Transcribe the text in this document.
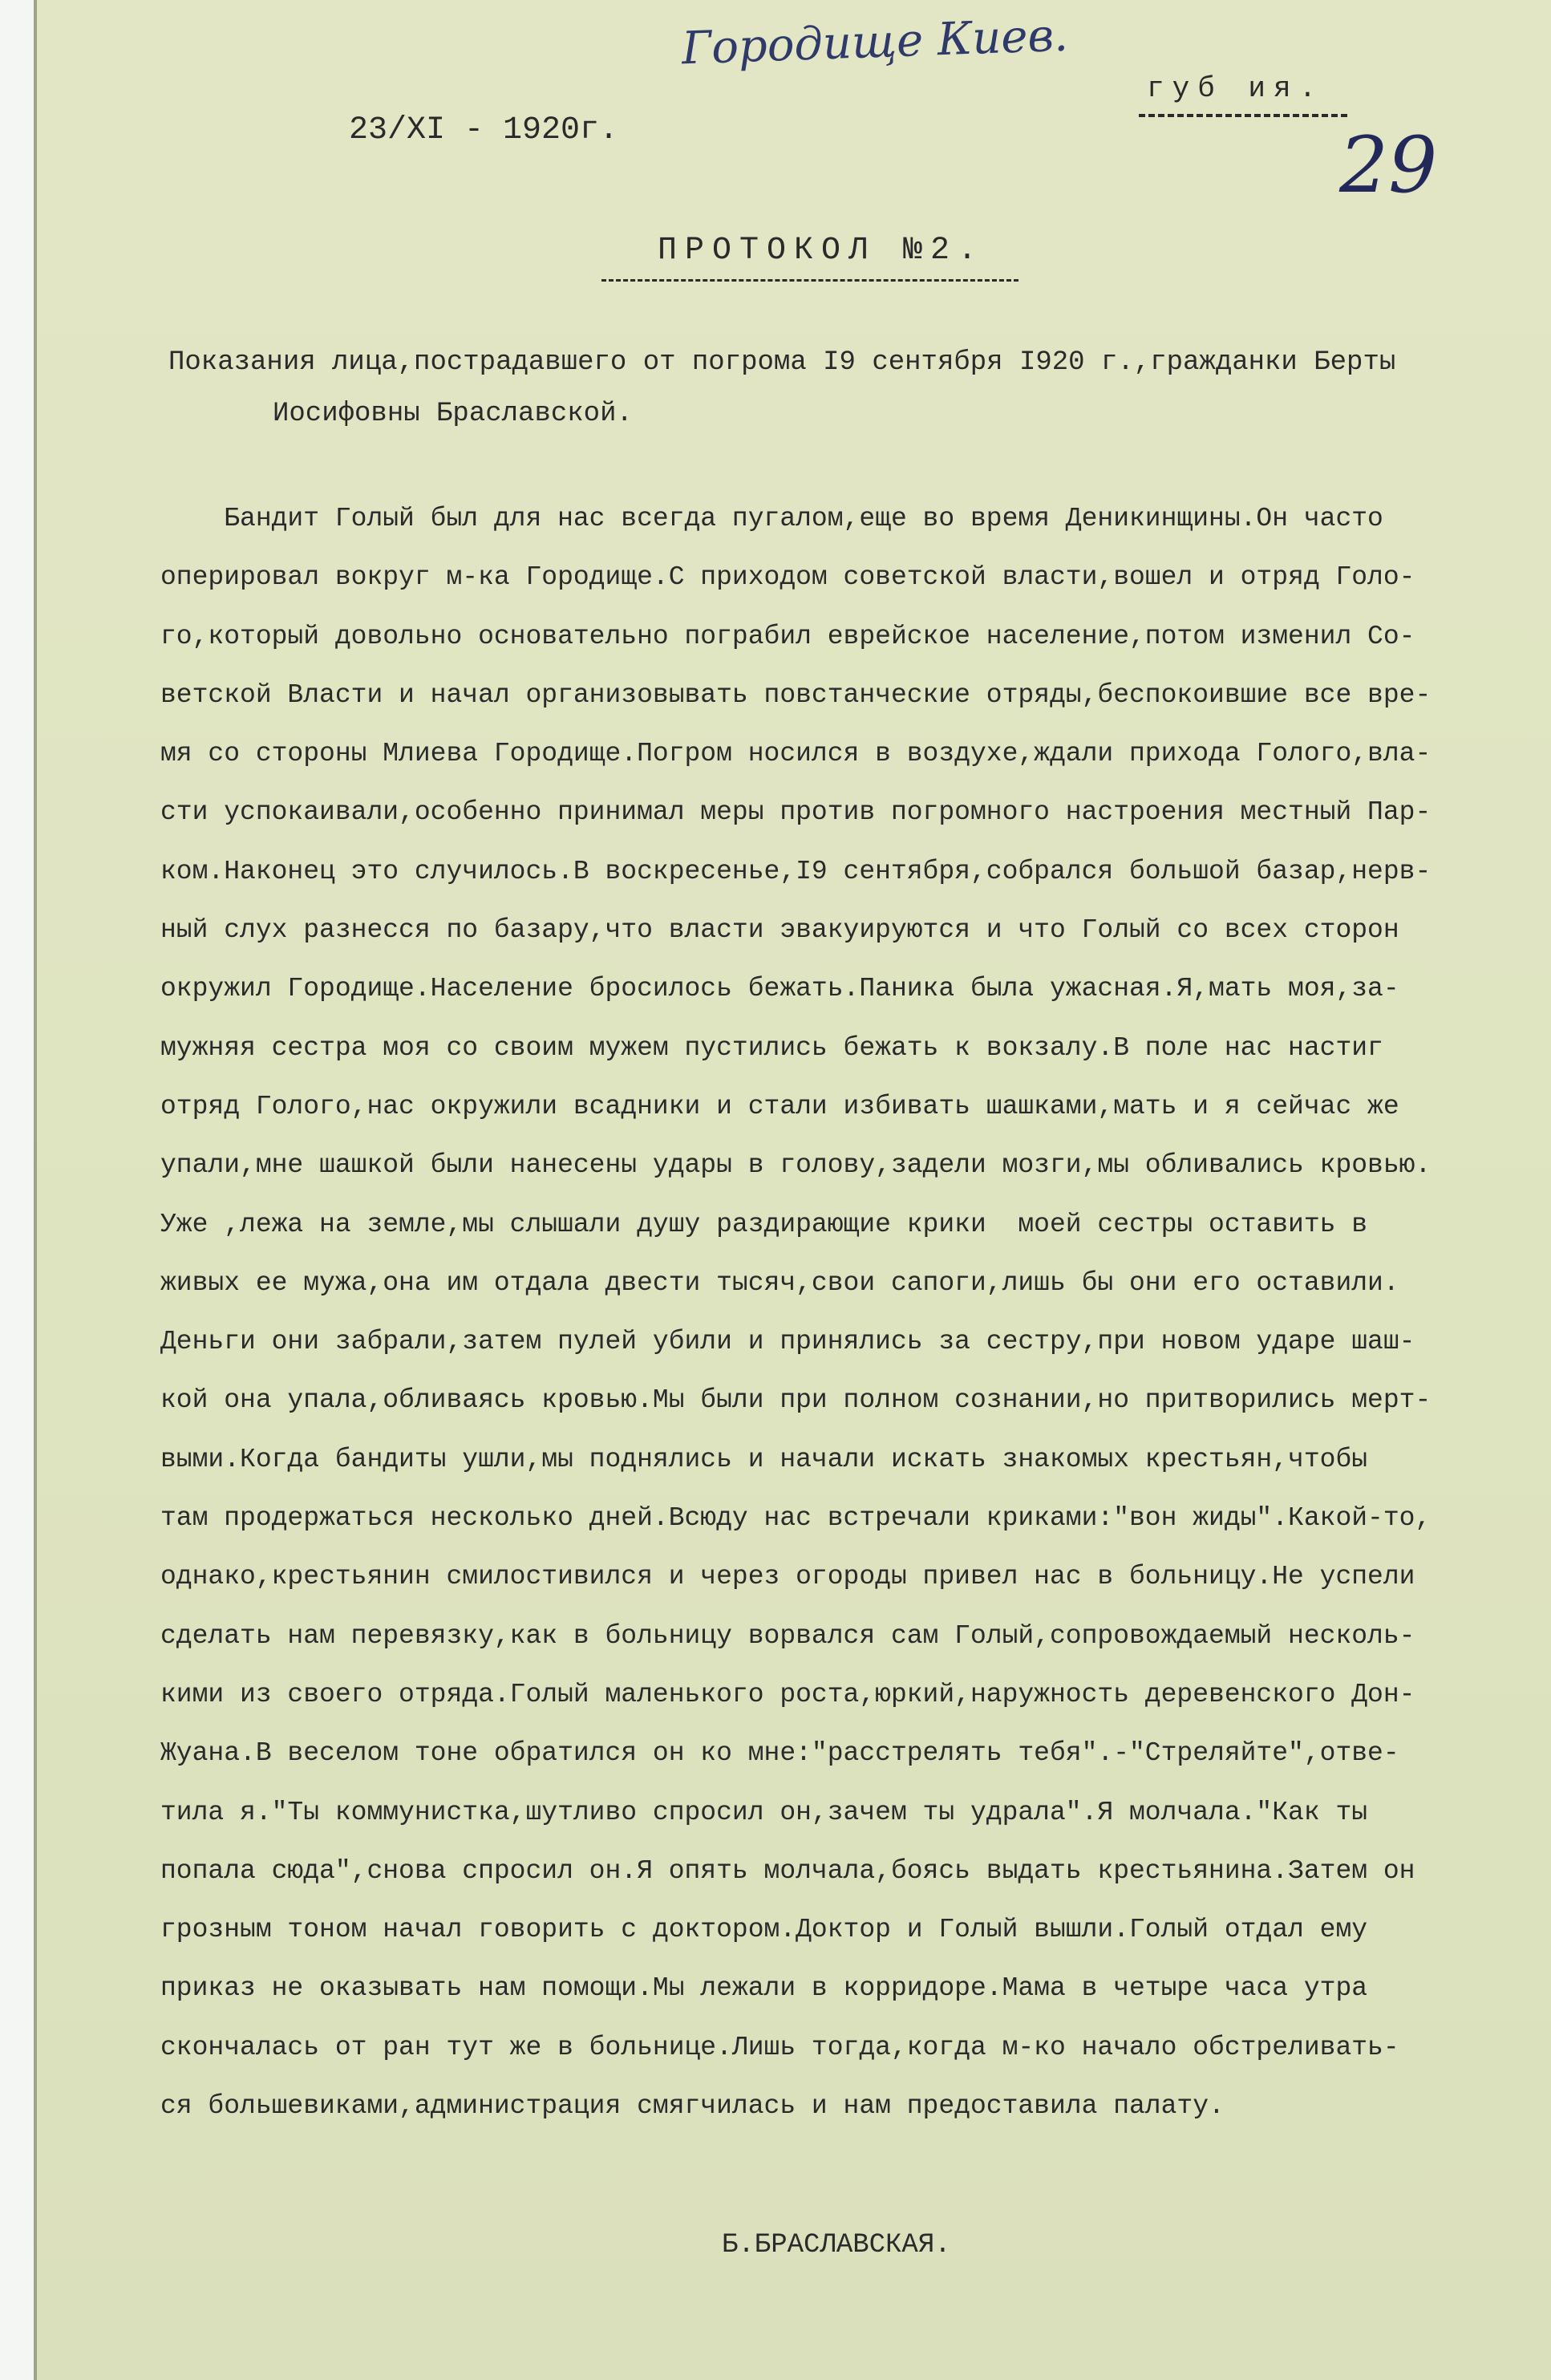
Городище Киев.
губ ия.
29
23/XI - 1920г.
ПРОТОКОЛ №2.
Показания лица,пострадавшего от погрома I9 сентября I920 г.,гражданки Берты
Иосифовны Браславской.
Бандит Голый был для нас всегда пугалом,еще во время Деникинщины.Он часто
оперировал вокруг м-ка Городище.С приходом советской власти,вошел и отряд Голо-
го,который довольно основательно пограбил еврейское население,потом изменил Со-
ветской Власти и начал организовывать повстанческие отряды,беспокоившие все вре-
мя со стороны Млиева Городище.Погром носился в воздухе,ждали прихода Голого,вла-
сти успокаивали,особенно принимал меры против погромного настроения местный Пар-
ком.Наконец это случилось.В воскресенье,I9 сентября,собрался большой базар,нерв-
ный слух разнесся по базару,что власти эвакуируются и что Голый со всех сторон
окружил Городище.Население бросилось бежать.Паника была ужасная.Я,мать моя,за-
мужняя сестра моя со своим мужем пустились бежать к вокзалу.В поле нас настиг
отряд Голого,нас окружили всадники и стали избивать шашками,мать и я сейчас же
упали,мне шашкой были нанесены удары в голову,задели мозги,мы обливались кровью.
Уже ,лежа на земле,мы слышали душу раздирающие крики  моей сестры оставить в
живых ее мужа,она им отдала двести тысяч,свои сапоги,лишь бы они его оставили.
Деньги они забрали,затем пулей убили и принялись за сестру,при новом ударе шаш-
кой она упала,обливаясь кровью.Мы были при полном сознании,но притворились мерт-
выми.Когда бандиты ушли,мы поднялись и начали искать знакомых крестьян,чтобы
там продержаться несколько дней.Всюду нас встречали криками:"вон жиды".Какой-то,
однако,крестьянин смилостивился и через огороды привел нас в больницу.Не успели
сделать нам перевязку,как в больницу ворвался сам Голый,сопровождаемый несколь-
кими из своего отряда.Голый маленького роста,юркий,наружность деревенского Дон-
Жуана.В веселом тоне обратился он ко мне:"расстрелять тебя".-"Стреляйте",отве-
тила я."Ты коммунистка,шутливо спросил он,зачем ты удрала".Я молчала."Как ты
попала сюда",снова спросил он.Я опять молчала,боясь выдать крестьянина.Затем он
грозным тоном начал говорить с доктором.Доктор и Голый вышли.Голый отдал ему
приказ не оказывать нам помощи.Мы лежали в корридоре.Мама в четыре часа утра
скончалась от ран тут же в больнице.Лишь тогда,когда м-ко начало обстреливать-
ся большевиками,администрация смягчилась и нам предоставила палату.
Б.БРАСЛАВСКАЯ.
